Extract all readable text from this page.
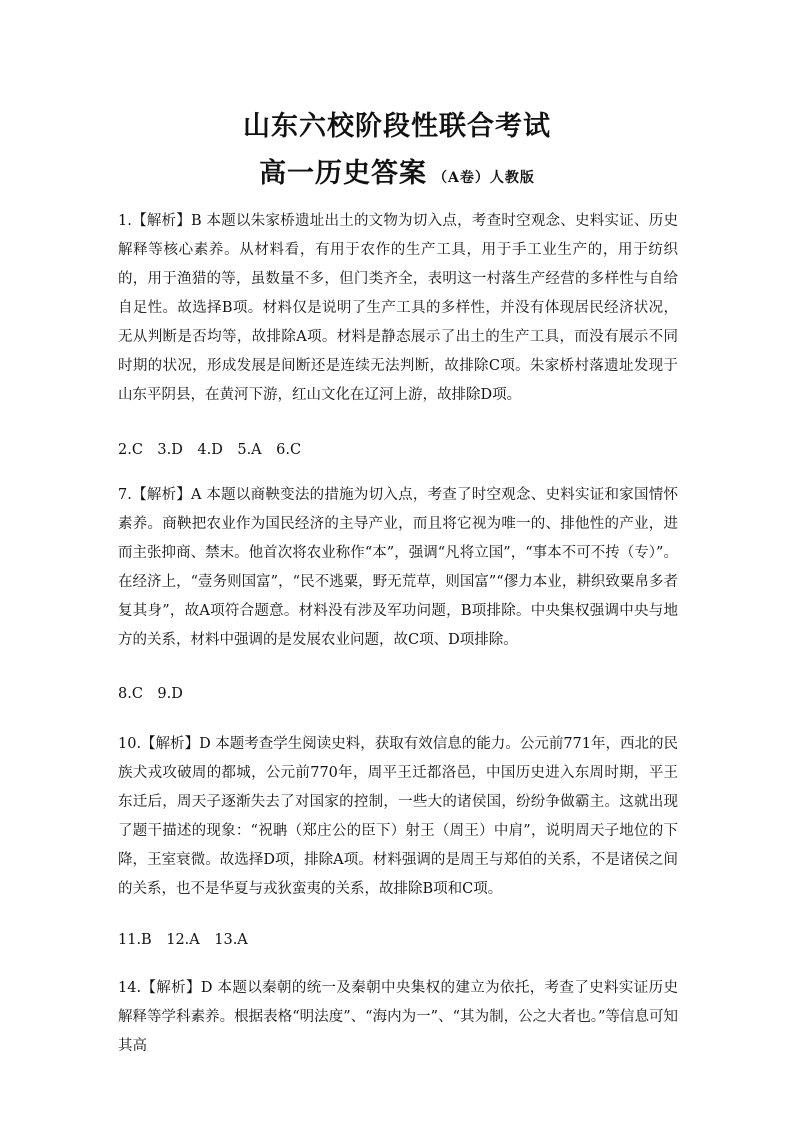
山东六校阶段性联合考试
高一历史答案 （A卷）人教版

1.【解析】B 本题以朱家桥遗址出土的文物为切入点，考查时空观念、史料实证、历史解释等核心素养。从材料看，有用于农作的生产工具，用于手工业生产的，用于纺织的，用于渔猎的等，虽数量不多，但门类齐全，表明这一村落生产经营的多样性与自给自足性。故选择B项。材料仅是说明了生产工具的多样性，并没有体现居民经济状况，无从判断是否均等，故排除A项。材料是静态展示了出土的生产工具，而没有展示不同时期的状况，形成发展是间断还是连续无法判断，故排除C项。朱家桥村落遗址发现于山东平阴县，在黄河下游，红山文化在辽河上游，故排除D项。

2.C　3.D　4.D　5.A　6.C

7.【解析】A 本题以商鞅变法的措施为切入点，考查了时空观念、史料实证和家国情怀素养。商鞅把农业作为国民经济的主导产业，而且将它视为唯一的、排他性的产业，进而主张抑商、禁末。他首次将农业称作“本”，强调“凡将立国”，“事本不可不抟（专）”。在经济上，“壹务则国富”，“民不逃粟，野无荒草，则国富”“僇力本业，耕织致粟帛多者复其身”，故A项符合题意。材料没有涉及军功问题，B项排除。中央集权强调中央与地方的关系，材料中强调的是发展农业问题，故C项、D项排除。

8.C　9.D

10.【解析】D 本题考查学生阅读史料，获取有效信息的能力。公元前771年，西北的民族犬戎攻破周的都城，公元前770年，周平王迁都洛邑，中国历史进入东周时期，平王东迁后，周天子逐渐失去了对国家的控制，一些大的诸侯国，纷纷争做霸主。这就出现了题干描述的现象：“祝聃（郑庄公的臣下）射王（周王）中肩”，说明周天子地位的下降，王室衰微。故选择D项，排除A项。材料强调的是周王与郑伯的关系，不是诸侯之间的关系，也不是华夏与戎狄蛮夷的关系，故排除B项和C项。

11.B　12.A　13.A

14.【解析】D 本题以秦朝的统一及秦朝中央集权的建立为依托，考查了史料实证历史解释等学科素养。根据表格“明法度”、“海内为一”、“其为制，公之大者也。”等信息可知其高
